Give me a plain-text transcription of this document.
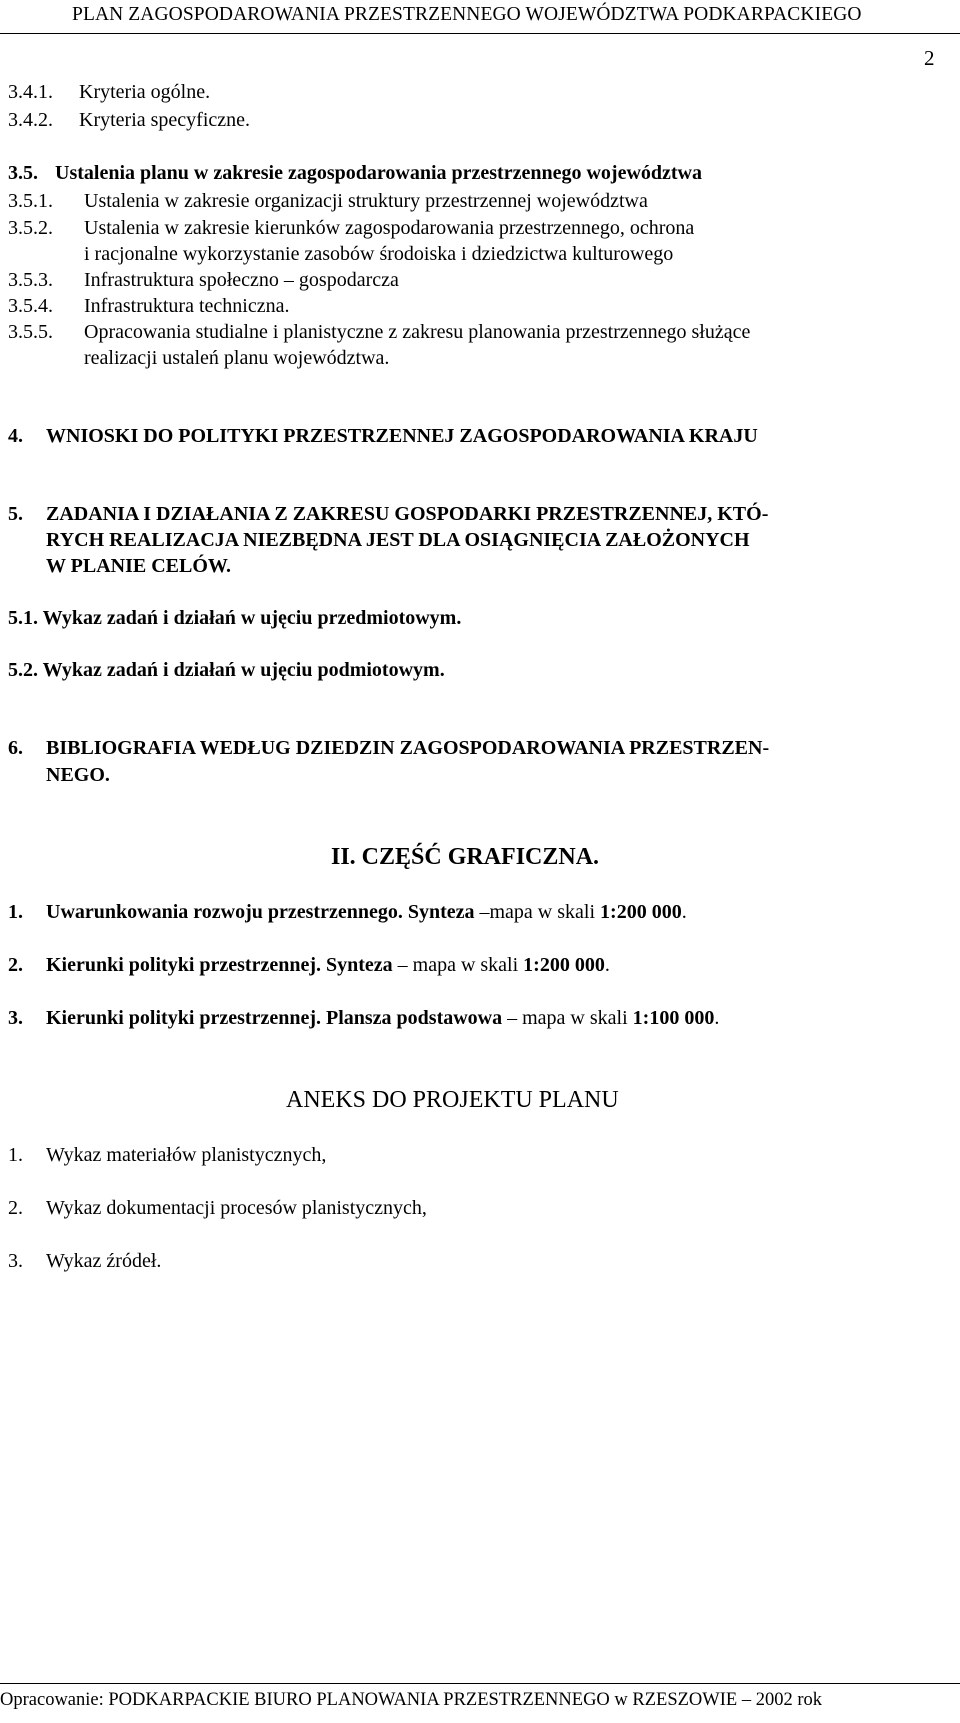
PLAN ZAGOSPODAROWANIA PRZESTRZENNEGO WOJEWÓDZTWA PODKARPACKIEGO
2
3.4.1. Kryteria ogólne.
3.4.2. Kryteria specyficzne.
3.5. Ustalenia planu w zakresie zagospodarowania przestrzennego województwa
3.5.1. Ustalenia w zakresie organizacji struktury przestrzennej województwa
3.5.2. Ustalenia w zakresie kierunków zagospodarowania przestrzennego, ochrona
i racjonalne wykorzystanie zasobów środoiska i dziedzictwa kulturowego
3.5.3. Infrastruktura społeczno – gospodarcza
3.5.4. Infrastruktura techniczna.
3.5.5. Opracowania studialne i planistyczne z zakresu planowania przestrzennego służące
realizacji ustaleń planu województwa.
4. WNIOSKI DO POLITYKI PRZESTRZENNEJ ZAGOSPODAROWANIA KRAJU
5. ZADANIA I DZIAŁANIA Z ZAKRESU GOSPODARKI PRZESTRZENNEJ, KTÓ-
RYCH REALIZACJA NIEZBĘDNA JEST DLA OSIĄGNIĘCIA ZAŁOŻONYCH
W PLANIE CELÓW.
5.1. Wykaz zadań i działań w ujęciu przedmiotowym.
5.2. Wykaz zadań i działań w ujęciu podmiotowym.
6. BIBLIOGRAFIA WEDŁUG DZIEDZIN ZAGOSPODAROWANIA PRZESTRZEN-
NEGO.
II. CZĘŚĆ GRAFICZNA.
1. Uwarunkowania rozwoju przestrzennego. Synteza –mapa w skali 1:200 000.
2. Kierunki polityki przestrzennej. Synteza – mapa w skali 1:200 000.
3. Kierunki polityki przestrzennej. Plansza podstawowa – mapa w skali 1:100 000.
ANEKS DO PROJEKTU PLANU
1. Wykaz materiałów planistycznych,
2. Wykaz dokumentacji procesów planistycznych,
3. Wykaz źródeł.
Opracowanie: PODKARPACKIE BIURO PLANOWANIA PRZESTRZENNEGO w RZESZOWIE – 2002 rok
